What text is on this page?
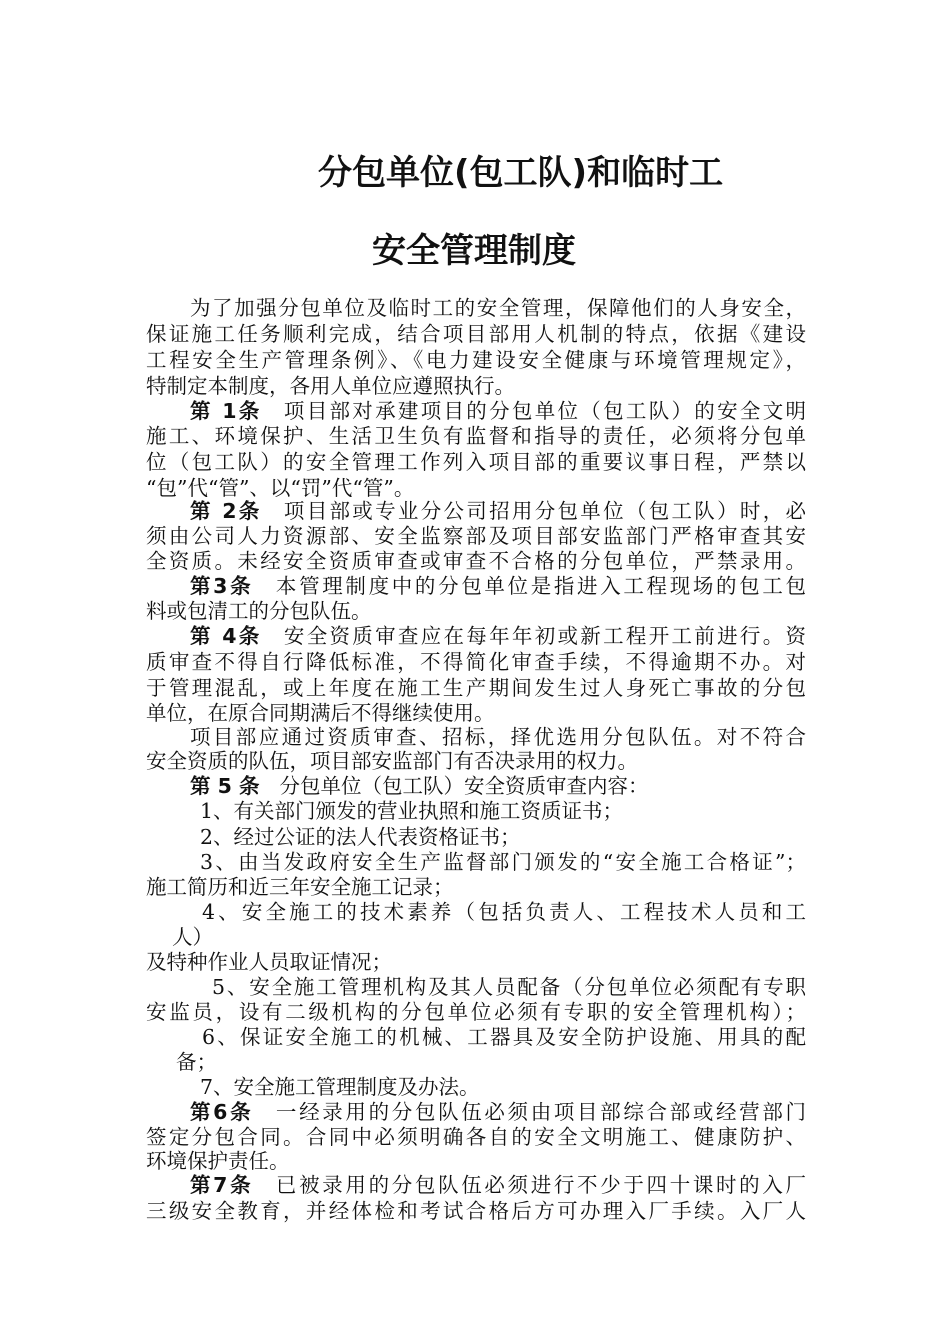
分包单位(包工队)和临时工
安全管理制度
为了加强分包单位及临时工的安全管理，保障他们的人身安全，
保证施工任务顺利完成，结合项目部用人机制的特点，依据《建设
工程安全生产管理条例》、《电力建设安全健康与环境管理规定》，
特制定本制度，各用人单位应遵照执行。
第 1条 项目部对承建项目的分包单位（包工队）的安全文明
施工、环境保护、生活卫生负有监督和指导的责任，必须将分包单
位（包工队）的安全管理工作列入项目部的重要议事日程，严禁以
“包”代“管”、以“罚”代“管”。
第 2条 项目部或专业分公司招用分包单位（包工队）时，必
须由公司人力资源部、安全监察部及项目部安监部门严格审查其安
全资质。未经安全资质审查或审查不合格的分包单位，严禁录用。
第3条 本管理制度中的分包单位是指进入工程现场的包工包
料或包清工的分包队伍。
第 4条 安全资质审查应在每年年初或新工程开工前进行。资
质审查不得自行降低标准，不得简化审查手续，不得逾期不办。对
于管理混乱，或上年度在施工生产期间发生过人身死亡事故的分包
单位，在原合同期满后不得继续使用。
项目部应通过资质审查、招标，择优选用分包队伍。对不符合
安全资质的队伍，项目部安监部门有否决录用的权力。
第 5 条 分包单位（包工队）安全资质审查内容：
1、有关部门颁发的营业执照和施工资质证书；
2、经过公证的法人代表资格证书；
3、由当发政府安全生产监督部门颁发的“安全施工合格证”；
施工简历和近三年安全施工记录；
4、安全施工的技术素养（包括负责人、工程技术人员和工
人）
及特种作业人员取证情况；
5、安全施工管理机构及其人员配备（分包单位必须配有专职
安监员，设有二级机构的分包单位必须有专职的安全管理机构）；
6、保证安全施工的机械、工器具及安全防护设施、用具的配
备；
7、安全施工管理制度及办法。
第6条 一经录用的分包队伍必须由项目部综合部或经营部门
签定分包合同。合同中必须明确各自的安全文明施工、健康防护、
环境保护责任。
第7条 已被录用的分包队伍必须进行不少于四十课时的入厂
三级安全教育，并经体检和考试合格后方可办理入厂手续。入厂人
